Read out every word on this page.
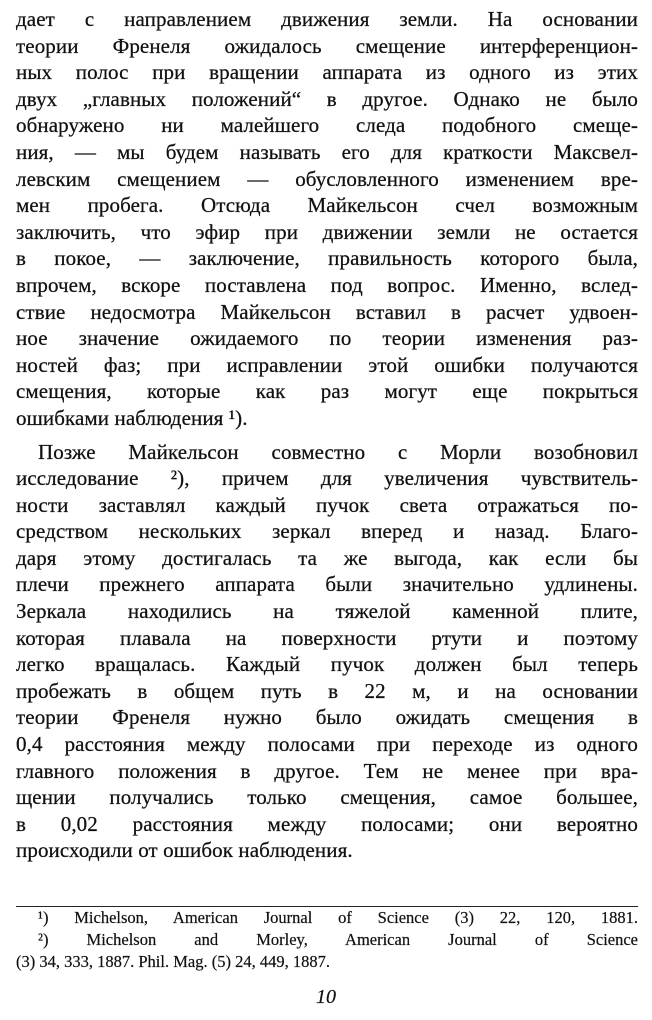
дает с направлением движения земли. На основании
теории Френеля ожидалось смещение интерференцион-
ных полос при вращении аппарата из одного из этих
двух „главных положений“ в другое. Однако не было
обнаружено ни малейшего следа подобного смеще-
ния, — мы будем называть его для краткости Максвел-
левским смещением — обусловленного изменением вре-
мен пробега. Отсюда Майкельсон счел возможным
заключить, что эфир при движении земли не остается
в покое, — заключение, правильность которого была,
впрочем, вскоре поставлена под вопрос. Именно, вслед-
ствие недосмотра Майкельсон вставил в расчет удвоен-
ное значение ожидаемого по теории изменения раз-
ностей фаз; при исправлении этой ошибки получаются
смещения, которые как раз могут еще покрыться
ошибками наблюдения ¹).
Позже Майкельсон совместно с Морли возобновил
исследование ²), причем для увеличения чувствитель-
ности заставлял каждый пучок света отражаться по-
средством нескольких зеркал вперед и назад. Благо-
даря этому достигалась та же выгода, как если бы
плечи прежнего аппарата были значительно удлинены.
Зеркала находились на тяжелой каменной плите,
которая плавала на поверхности ртути и поэтому
легко вращалась. Каждый пучок должен был теперь
пробежать в общем путь в 22 м, и на основании
теории Френеля нужно было ожидать смещения в
0,4 расстояния между полосами при переходе из одного
главного положения в другое. Тем не менее при вра-
щении получались только смещения, самое большее,
в 0,02 расстояния между полосами; они вероятно
происходили от ошибок наблюдения.
¹) Michelson, American Journal of Science (3) 22, 120, 1881.
²) Michelson and Morley, American Journal of Science
(3) 34, 333, 1887. Phil. Mag. (5) 24, 449, 1887.
10
